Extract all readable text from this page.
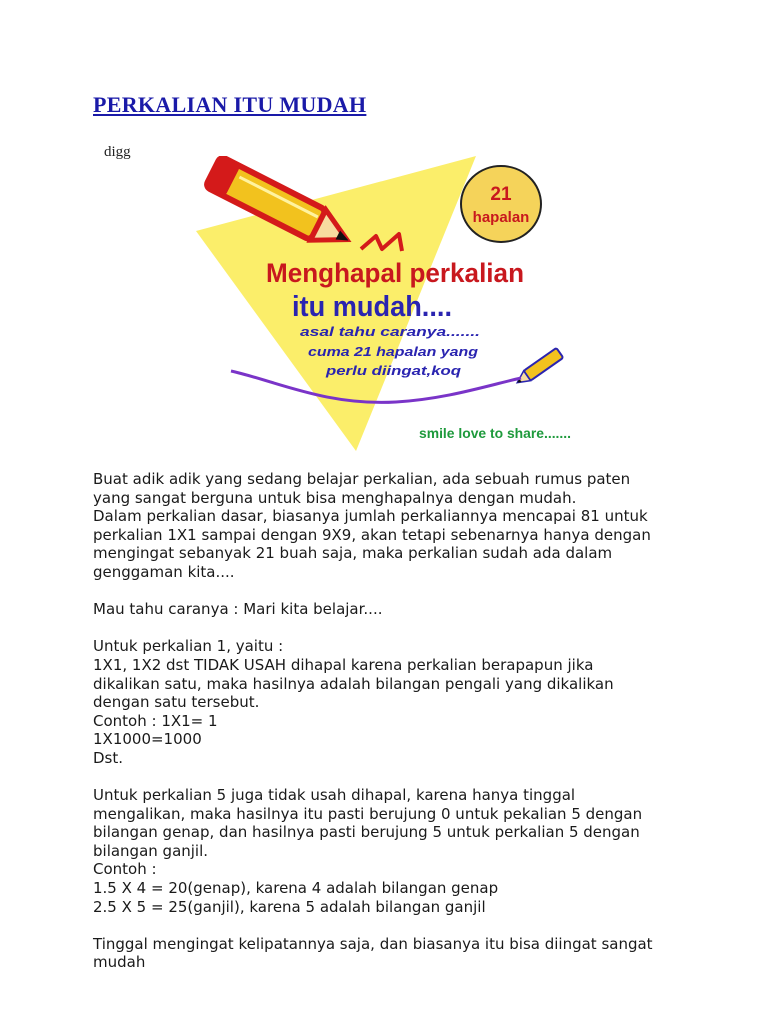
PERKALIAN ITU MUDAH
digg
21
hapalan
Menghapal perkalian
itu mudah....
asal tahu caranya.......
cuma 21 hapalan yang
perlu diingat,koq
smile love to share.......

Buat adik adik yang sedang belajar perkalian, ada sebuah rumus paten

yang sangat berguna untuk bisa menghapalnya dengan mudah.

Dalam perkalian dasar, biasanya jumlah perkaliannya mencapai 81 untuk

perkalian 1X1 sampai dengan 9X9, akan tetapi sebenarnya hanya dengan

mengingat sebanyak 21 buah saja, maka perkalian sudah ada dalam

genggaman kita....

Mau tahu caranya : Mari kita belajar....

Untuk perkalian 1, yaitu :

1X1, 1X2 dst TIDAK USAH dihapal karena perkalian berapapun jika

dikalikan satu, maka hasilnya adalah bilangan pengali yang dikalikan

dengan satu tersebut.

Contoh : 1X1= 1

1X1000=1000

Dst.

Untuk perkalian 5 juga tidak usah dihapal, karena hanya tinggal

mengalikan, maka hasilnya itu pasti berujung 0 untuk pekalian 5 dengan

bilangan genap, dan hasilnya pasti berujung 5 untuk perkalian 5 dengan

bilangan ganjil.

Contoh :

1.5 X 4 = 20(genap), karena 4 adalah bilangan genap

2.5 X 5 = 25(ganjil), karena 5 adalah bilangan ganjil

Tinggal mengingat kelipatannya saja, dan biasanya itu bisa diingat sangat

mudah
